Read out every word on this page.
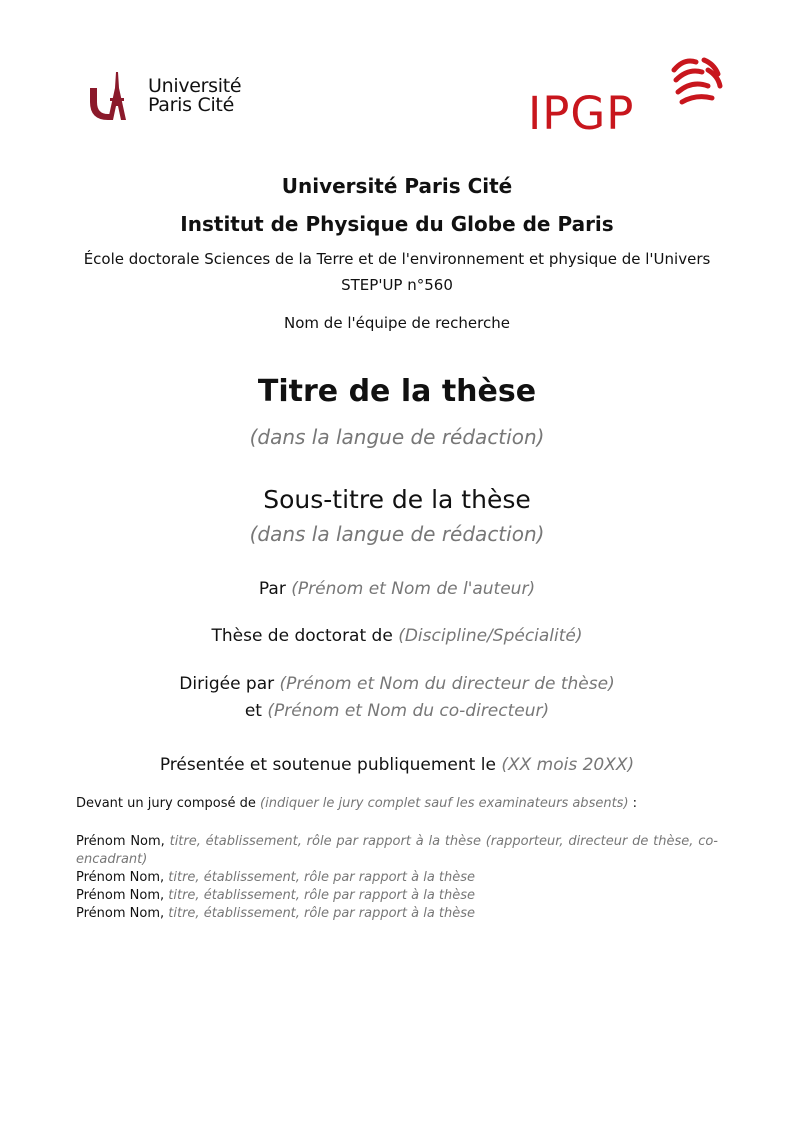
Université
Paris Cité	IPGP
Université Paris Cité
Institut de Physique du Globe de Paris
École doctorale Sciences de la Terre et de l'environnement et physique de l'Univers
STEP'UP n°560
Nom de l'équipe de recherche
Titre de la thèse
(dans la langue de rédaction)
Sous-titre de la thèse
(dans la langue de rédaction)
Par (Prénom et Nom de l'auteur)
Thèse de doctorat de (Discipline/Spécialité)
Dirigée par (Prénom et Nom du directeur de thèse)
et (Prénom et Nom du co-directeur)
Présentée et soutenue publiquement le (XX mois 20XX)
Devant un jury composé de (indiquer le jury complet sauf les examinateurs absents) :
Prénom Nom, titre, établissement, rôle par rapport à la thèse (rapporteur, directeur de thèse, co-encadrant)
Prénom Nom, titre, établissement, rôle par rapport à la thèse
Prénom Nom, titre, établissement, rôle par rapport à la thèse
Prénom Nom, titre, établissement, rôle par rapport à la thèse
